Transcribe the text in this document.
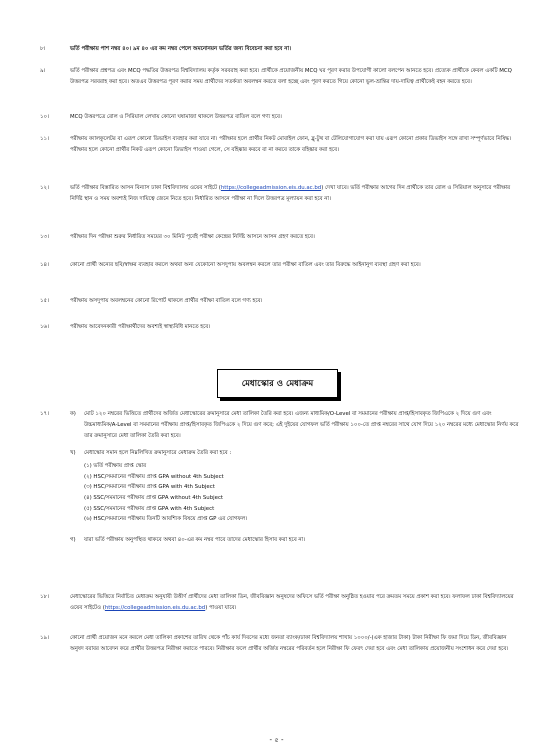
৮।	ভর্তি পরীক্ষায় পাশ নম্বর ৪০। ৯ম ৪০ এর কম নম্বর পেলে অমনোনয়ন ভর্তির জন্য বিবেচনা করা হবে না।
৯।	ভর্তি পরীক্ষার প্রশ্নপত্র এবং MCQ পদ্ধতির উত্তরপত্র বিশ্ববিদ্যালয় কর্তৃক সরবরাহ করা হবে। প্রার্থীকে প্রয়োজনীয় MCQ ঘর পূরণ করার উপযোগী কালো বলপেন আনতে হবে। প্রত্যেক প্রার্থীকে কেবল একটি MCQ উত্তরপত্র সরবরাহ করা হবে। অতএব উত্তরপত্র পূরণ করার সময় প্রার্থীদের সতর্কতা অবলম্বন করতে বলা হচ্ছে এবং পূরণ করতে গিয়ে কোনো ভুল-ভ্রান্তির দায়-দায়িত্ব প্রার্থীকেই বহন করতে হবে।
১০।	MCQ উত্তরপত্রে রোল ও সিরিয়াল লেখায় কোনো ঘষামাজা থাকলে উত্তরপত্র বাতিল বলে গণ্য হবে।
১১।	পরীক্ষায় ক্যালকুলেটর বা এরূপ কোনো ডিভাইস ব্যবহার করা যাবে না। পরীক্ষার হলে প্রার্থীর নিকট মোবাইল ফোন, ব্লু-টুথ বা টেলিযোগাযোগ করা যায় এরূপ কোনো প্রকার ডিভাইস সঙ্গে রাখা সম্পূর্ণভাবে নিষিদ্ধ। পরীক্ষার হলে কোনো প্রার্থীর নিকট এরূপ কোনো ডিভাইস পাওয়া গেলে, সে বহিষ্কার করবে বা না করবে তাকে বহিষ্কার করা হবে।
১২।	ভর্তি পরীক্ষার বিস্তারিত আসন বিন্যাস ঢাকা বিশ্ববিদ্যালয় ওয়েব সাইটে (https://collegeadmission.eis.du.ac.bd) দেখা যাবে। ভর্তি পরীক্ষার আগের দিন প্রার্থীকে তার রোল ও সিরিয়াল অনুসারে পরীক্ষার নির্দিষ্ট স্থান ও সময় অবশ্যই নিজ দায়িত্বে জেনে নিতে হবে। নির্ধারিত আসনে পরীক্ষা না দিলে উত্তরপত্র মূল্যায়ন করা হবে না।
১৩।	পরীক্ষার দিন পরীক্ষা শুরুর নির্ধারিত সময়ের ৩০ মিনিট পূর্বেই পরীক্ষা কেন্দ্রের নির্দিষ্ট আসনে আসন গ্রহণ করতে হবে।
১৪।	কোনো প্রার্থী অন্যের ছবি/স্বাক্ষর ব্যবহার করলে অথবা অন্য যেকোনো অসদুপায় অবলম্বন করলে তার পরীক্ষা বাতিল এবং তার বিরুদ্ধে আইনানুগ ব্যবস্থা গ্রহণ করা হবে।
১৫।	পরীক্ষায় অসদুপায় অবলম্বনের কোনো রিপোর্ট থাকলে প্রার্থীর পরীক্ষা বাতিল বলে গণ্য হবে।
১৬।	পরীক্ষায় আবেদনকারী পরীক্ষার্থীদের অবশ্যই স্বাস্থ্যবিধি মানতে হবে।
মেধাস্কোর ও মেধাক্রম
১৭।	ক) মোট ১২০ নম্বরের ভিত্তিতে প্রার্থীদের অর্জিত মেধাস্কোরের ক্রমানুসারে মেধা তালিকা তৈরি করা হবে। এজন্য মাধ্যমিক/O-Level বা সমমানের পরীক্ষায় প্রাপ্ত/হিসাবকৃত জিপিএকে ২ দিয়ে গুণ এবং উচ্চমাধ্যমিক/A-Level বা সমমানের পরীক্ষায় প্রাপ্ত/হিসাবকৃত জিপিএকে ২ দিয়ে গুণ করে; এই দুইয়ের যোগফল ভর্তি পরীক্ষায় ১০০-তে প্রাপ্ত নম্বরের সাথে যোগ দিয়ে ১২০ নম্বরের মধ্যে মেধাস্কোর নির্ণয় করে তার ক্রমানুসারে মেধা তালিকা তৈরি করা হবে।
খ) মেধাস্কোর সমান হলে নিম্নলিখিত ক্রমানুসারে মেধাক্রম তৈরি করা হবে :
(১) ভর্তি পরীক্ষায় প্রাপ্ত স্কোর
(২) HSC/সমমানের পরীক্ষায় প্রাপ্ত GPA without 4th Subject
(৩) HSC/সমমানের পরীক্ষায় প্রাপ্ত GPA with 4th Subject
(৪) SSC/সমমানের পরীক্ষায় প্রাপ্ত GPA without 4th Subject
(৫) SSC/সমমানের পরীক্ষায় প্রাপ্ত GPA with 4th Subject
(৬) HSC/সমমানের পরীক্ষায় তিনটি আবশ্যিক বিষয়ে প্রাপ্ত GP এর যোগফল।
গ) যারা ভর্তি পরীক্ষায় অনুপস্থিত থাকবে অথবা ৪০-এর কম নম্বর পাবে তাদের মেধাস্কোর হিসাব করা হবে না।
১৮।	মেধাস্কোরের ভিত্তিতে নির্বাচিত মেধাক্রম অনুযায়ী উত্তীর্ণ প্রার্থীদের মেধা তালিকা ডিন, জীববিজ্ঞান অনুষদের অফিসে ভর্তি পরীক্ষা অনুষ্ঠিত হওয়ার পরে ক্রমতম সময়ে প্রকাশ করা হবে। ফলাফল ঢাকা বিশ্ববিদ্যালয়ের ওয়েব সাইটেও (https://collegeadmission.eis.du.ac.bd) পাওয়া যাবে।
১৯।	কোনো প্রার্থী প্রয়োজন মনে করলে মেধা তালিকা প্রকাশের তারিখ থেকে পাঁচ কার্য দিবসের মধ্যে জনতা ব্যাংক/ঢাকা বিশ্ববিদ্যালয় শাখায় ১০০০/-(এক হাজার টাকা) টাকা নিরীক্ষা ফি জমা দিয়ে ডিন, জীববিজ্ঞান অনুষদ বরাবর আবেদন করে প্রার্থীর উত্তরপত্র নিরীক্ষা করাতে পারবে। নিরীক্ষার ফলে প্রার্থীর অর্জিত নম্বরের পরিবর্তন হলে নিরীক্ষা ফি ফেরৎ দেয়া হবে এবং মেধা তালিকায় প্রয়োজনীয় সংশোধন করে দেয়া হবে।
- ৫ -
